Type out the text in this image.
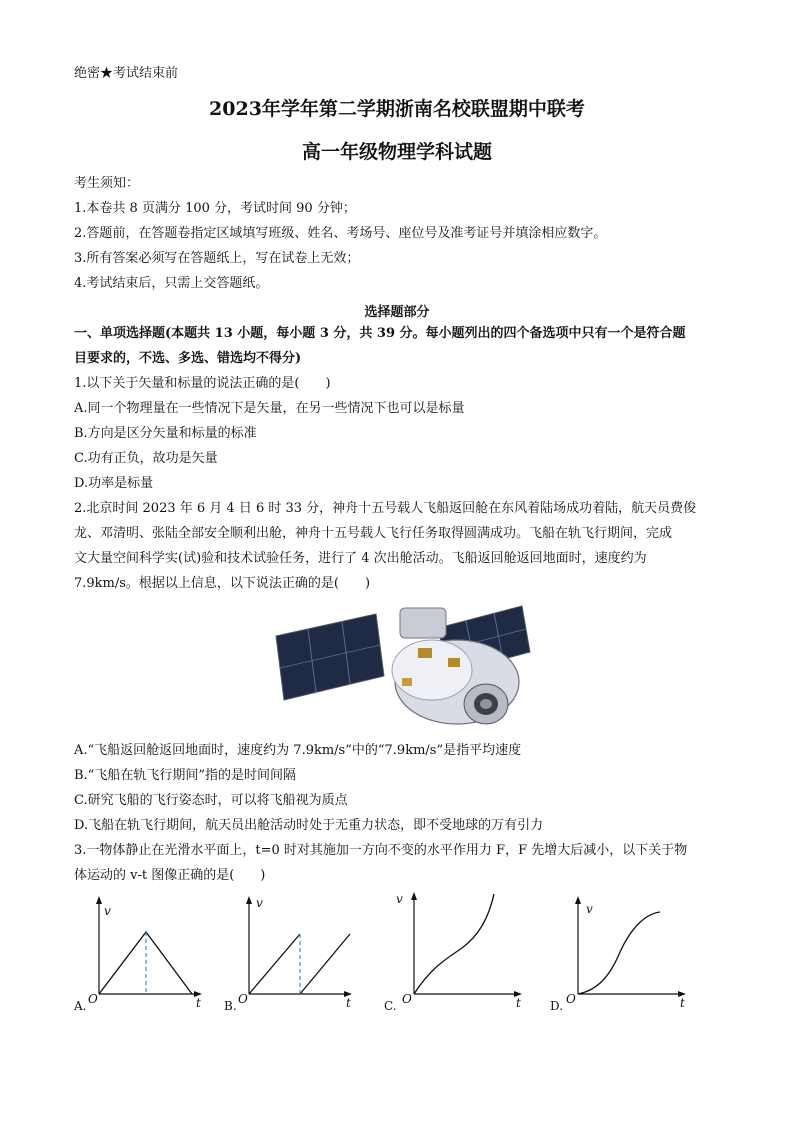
绝密★考试结束前
2023年学年第二学期浙南名校联盟期中联考
高一年级物理学科试题
考生须知：
1.本卷共 8 页满分 100 分，考试时间 90 分钟；
2.答题前，在答题卷指定区域填写班级、姓名、考场号、座位号及准考证号并填涂相应数字。
3.所有答案必须写在答题纸上，写在试卷上无效；
4.考试结束后，只需上交答题纸。
选择题部分
一、单项选择题(本题共 13 小题，每小题 3 分，共 39 分。每小题列出的四个备选项中只有一个是符合题
目要求的，不选、多选、错选均不得分)
1.以下关于矢量和标量的说法正确的是(　　)
A.同一个物理量在一些情况下是矢量，在另一些情况下也可以是标量
B.方向是区分矢量和标量的标准
C.功有正负，故功是矢量
D.功率是标量
2.北京时间 2023 年 6 月 4 日 6 时 33 分，神舟十五号载人飞船返回舱在东风着陆场成功着陆，航天员费俊
龙、邓清明、张陆全部安全顺利出舱，神舟十五号载人飞行任务取得圆满成功。飞船在轨飞行期间，完成
文大量空间科学实(试)验和技术试验任务，进行了 4 次出舱活动。飞船返回舱返回地面时，速度约为
7.9km/s。根据以上信息，以下说法正确的是(　　)
A.“飞船返回舱返回地面时，速度约为 7.9km/s”中的“7.9km/s”是指平均速度
B.“飞船在轨飞行期间”指的是时间间隔
C.研究飞船的飞行姿态时，可以将飞船视为质点
D.飞船在轨飞行期间，航天员出舱活动时处于无重力状态，即不受地球的万有引力
3.一物体静止在光滑水平面上，t=0 时对其施加一方向不变的水平作用力 F，F 先增大后减小，以下关于物
体运动的 v-t 图像正确的是(　　)
v
O	t
A.
v
O	t
B.
v
O	t
C.
v
O	t
D.
